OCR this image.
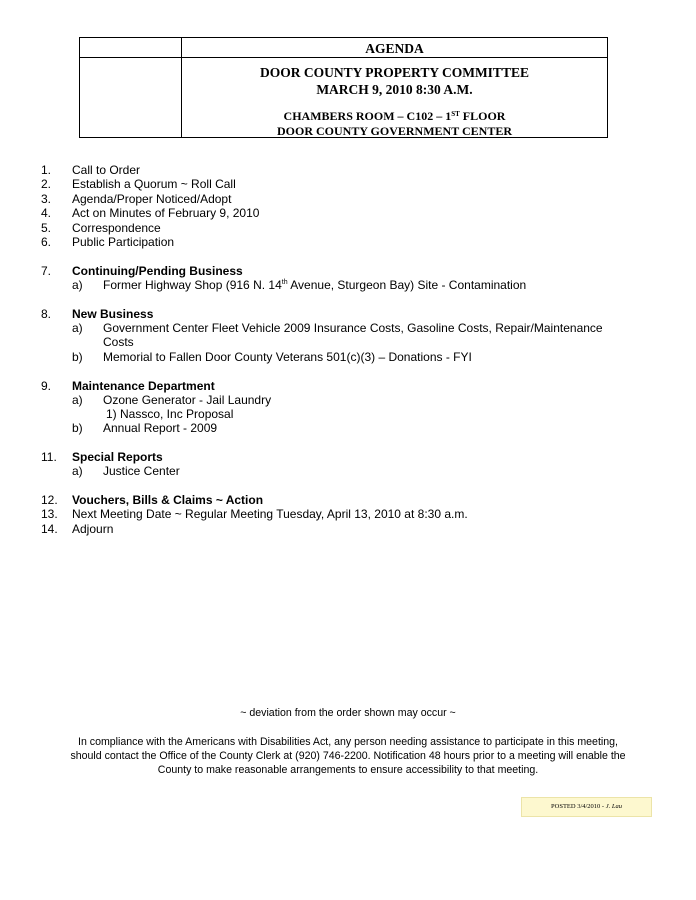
AGENDA
DOOR COUNTY PROPERTY COMMITTEE
MARCH 9, 2010 8:30 A.M.
CHAMBERS ROOM – C102 – 1ST FLOOR
DOOR COUNTY GOVERNMENT CENTER
1. Call to Order
2. Establish a Quorum ~ Roll Call
3. Agenda/Proper Noticed/Adopt
4. Act on Minutes of February 9, 2010
5. Correspondence
6. Public Participation
7. Continuing/Pending Business
a) Former Highway Shop (916 N. 14th Avenue, Sturgeon Bay) Site - Contamination
8. New Business
a) Government Center Fleet Vehicle 2009 Insurance Costs, Gasoline Costs, Repair/Maintenance
Costs
b) Memorial to Fallen Door County Veterans 501(c)(3) – Donations - FYI
9. Maintenance Department
a) Ozone Generator - Jail Laundry
1) Nassco, Inc Proposal
b) Annual Report - 2009
11. Special Reports
a) Justice Center
12. Vouchers, Bills & Claims ~ Action
13. Next Meeting Date ~ Regular Meeting Tuesday, April 13, 2010 at 8:30 a.m.
14. Adjourn
~ deviation from the order shown may occur ~
In compliance with the Americans with Disabilities Act, any person needing assistance to participate in this meeting,
should contact the Office of the County Clerk at (920) 746-2200. Notification 48 hours prior to a meeting will enable the
County to make reasonable arrangements to ensure accessibility to that meeting.
POSTED 3/4/2010 - J. Lau
